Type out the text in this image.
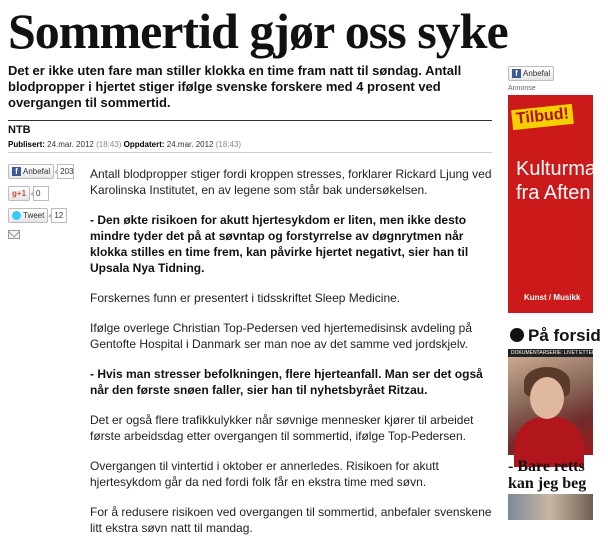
Sommertid gjør oss syke
Det er ikke uten fare man stiller klokka en time fram natt til søndag. Antall blodpropper i hjertet stiger ifølge svenske forskere med 4 prosent ved overgangen til sommertid.
NTB
Publisert: 24.mar. 2012 (18:43) Oppdatert: 24.mar. 2012 (18:43)
f Anbefal	203
g +1	0
Tweet	12

Antall blodpropper stiger fordi kroppen stresses, forklarer Rickard Ljung ved Karolinska Institutet, en av legene som står bak undersøkelsen.

- Den økte risikoen for akutt hjertesykdom er liten, men ikke desto mindre tyder det på at søvntap og forstyrrelse av døgnrytmen når klokka stilles en time frem, kan påvirke hjertet negativt, sier han til Upsala Nya Tidning.

Forskernes funn er presentert i tidsskriftet Sleep Medicine.

Ifølge overlege Christian Top-Pedersen ved hjertemedisinsk avdeling på Gentofte Hospital i Danmark ser man noe av det samme ved jordskjelv.

- Hvis man stresser befolkningen, flere hjerteanfall. Man ser det også når den første snøen faller, sier han til nyhetsbyrået Ritzau.

Det er også flere trafikkulykker når søvnige mennesker kjører til arbeidet første arbeidsdag etter overgangen til sommertid, ifølge Top-Pedersen.

Overgangen til vintertid i oktober er annerledes. Risikoen for akutt hjertesykdom går da ned fordi folk får en ekstra time med søvn.

For å redusere risikoen ved overgangen til sommertid, anbefaler svenskene litt ekstra søvn natt til mandag.

f Anbefal
Annonse
Tilbud!
Kulturma
fra Aften
Kunst / Musikk
På forsid
DOKUMENTARSERIE: LIVET ETTER
- Bare retts
kan jeg beg
